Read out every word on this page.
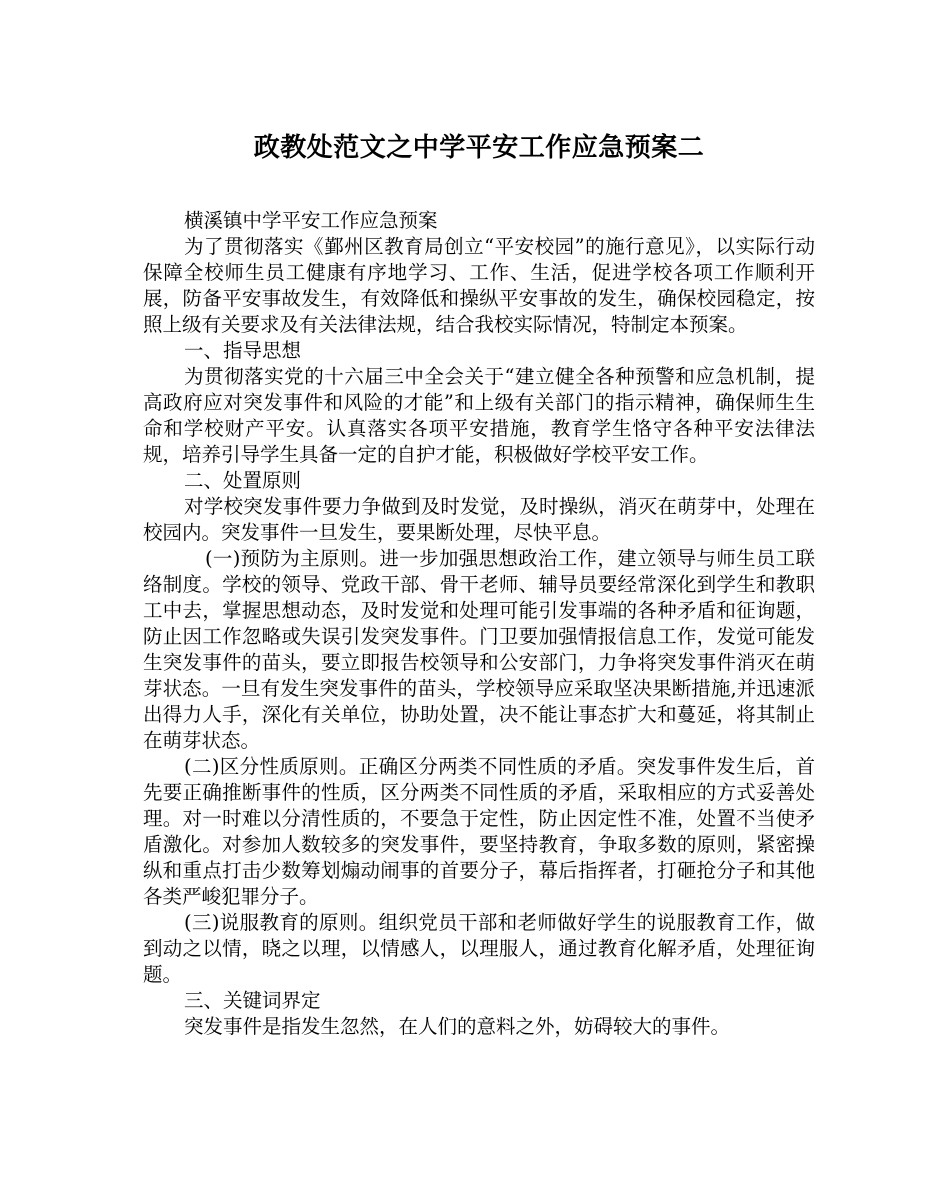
政教处范文之中学平安工作应急预案二

横溪镇中学平安工作应急预案

为了贯彻落实《鄞州区教育局创立“平安校园”的施行意见》，以实际行动保障全校师生员工健康有序地学习、工作、生活，促进学校各项工作顺利开展，防备平安事故发生，有效降低和操纵平安事故的发生，确保校园稳定，按照上级有关要求及有关法律法规，结合我校实际情况，特制定本预案。

一、指导思想

为贯彻落实党的十六届三中全会关于“建立健全各种预警和应急机制，提高政府应对突发事件和风险的才能”和上级有关部门的指示精神，确保师生生命和学校财产平安。认真落实各项平安措施，教育学生恪守各种平安法律法规，培养引导学生具备一定的自护才能，积极做好学校平安工作。

二、处置原则

对学校突发事件要力争做到及时发觉，及时操纵，消灭在萌芽中，处理在校园内。突发事件一旦发生，要果断处理，尽快平息。

(一)预防为主原则。进一步加强思想政治工作，建立领导与师生员工联络制度。学校的领导、党政干部、骨干老师、辅导员要经常深化到学生和教职工中去，掌握思想动态，及时发觉和处理可能引发事端的各种矛盾和征询题，防止因工作忽略或失误引发突发事件。门卫要加强情报信息工作，发觉可能发生突发事件的苗头，要立即报告校领导和公安部门，力争将突发事件消灭在萌芽状态。一旦有发生突发事件的苗头，学校领导应采取坚决果断措施,并迅速派出得力人手，深化有关单位，协助处置，决不能让事态扩大和蔓延，将其制止在萌芽状态。

(二)区分性质原则。正确区分两类不同性质的矛盾。突发事件发生后，首先要正确推断事件的性质，区分两类不同性质的矛盾，采取相应的方式妥善处理。对一时难以分清性质的，不要急于定性，防止因定性不准，处置不当使矛盾激化。对参加人数较多的突发事件，要坚持教育，争取多数的原则，紧密操纵和重点打击少数筹划煽动闹事的首要分子，幕后指挥者，打砸抢分子和其他各类严峻犯罪分子。

(三)说服教育的原则。组织党员干部和老师做好学生的说服教育工作，做到动之以情，晓之以理，以情感人，以理服人，通过教育化解矛盾，处理征询题。

三、关键词界定

突发事件是指发生忽然，在人们的意料之外，妨碍较大的事件。
